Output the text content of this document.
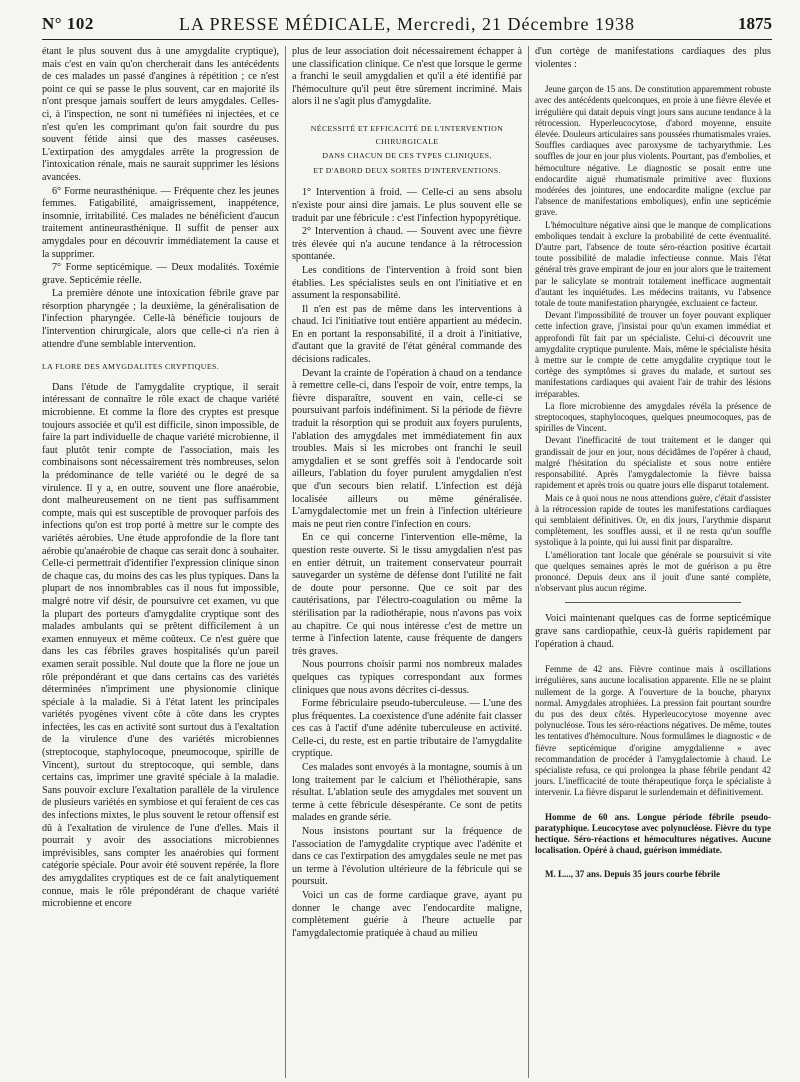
N° 102	LA PRESSE MÉDICALE, Mercredi, 21 Décembre 1938	1875

étant le plus souvent dus à une amygdalite cryptique), mais c'est en vain qu'on chercherait dans les antécédents de ces malades un passé d'angines à répétition ; ce n'est point ce qui se passe le plus souvent, car en majorité ils n'ont presque jamais souffert de leurs amygdales. Celles-ci, à l'inspection, ne sont ni tuméfiées ni injectées, et ce n'est qu'en les comprimant qu'on fait sourdre du pus souvent fétide ainsi que des masses caséeuses. L'extirpation des amygdales arrête la progression de l'intoxication rénale, mais ne saurait supprimer les lésions avancées.

6° Forme neurasthénique. — Fréquente chez les jeunes femmes. Fatigabilité, amaigrissement, inappétence, insomnie, irritabilité. Ces malades ne bénéficient d'aucun traitement antineurasthénique. Il suffit de penser aux amygdales pour en découvrir immédiatement la cause et la supprimer.

7° Forme septicémique. — Deux modalités. Toxémie grave. Septicémie réelle.

La première dénote une intoxication fébrile grave par résorption pharyngée ; la deuxième, la généralisation de l'infection pharyngée. Celle-là bénéficie toujours de l'intervention chirurgicale, alors que celle-ci n'a rien à attendre d'une semblable intervention.

LA FLORE DES AMYGDALITES CRYPTIQUES.

Dans l'étude de l'amygdalite cryptique, il serait intéressant de connaître le rôle exact de chaque variété microbienne. Et comme la flore des cryptes est presque toujours associée et qu'il est difficile, sinon impossible, de faire la part individuelle de chaque variété microbienne, il faut plutôt tenir compte de l'association, mais les combinaisons sont nécessairement très nombreuses, selon la prédominance de telle variété ou le degré de sa virulence. Il y a, en outre, souvent une flore anaérobie, dont malheureusement on ne tient pas suffisamment compte, mais qui est susceptible de provoquer parfois des infections qu'on est trop porté à mettre sur le compte des variétés aérobies. Une étude approfondie de la flore tant aérobie qu'anaérobie de chaque cas serait donc à souhaiter. Celle-ci permettrait d'identifier l'expression clinique sinon de chaque cas, du moins des cas les plus typiques. Dans la plupart de nos innombrables cas il nous fut impossible, malgré notre vif désir, de poursuivre cet examen, vu que la plupart des porteurs d'amygdalite cryptique sont des malades ambulants qui se prêtent difficilement à un examen ennuyeux et même coûteux. Ce n'est guère que dans les cas fébriles graves hospitalisés qu'un pareil examen serait possible. Nul doute que la flore ne joue un rôle prépondérant et que dans certains cas des variétés déterminées n'impriment une physionomie clinique spéciale à la maladie. Si à l'état latent les principales variétés pyogènes vivent côte à côte dans les cryptes infectées, les cas en activité sont surtout dus à l'exaltation de la virulence d'une des variétés microbiennes (streptocoque, staphylocoque, pneumocoque, spirille de Vincent), surtout du streptocoque, qui semble, dans certains cas, imprimer une gravité spéciale à la maladie. Sans pouvoir exclure l'exaltation parallèle de la virulence de plusieurs variétés en symbiose et qui feraient de ces cas des infections mixtes, le plus souvent le retour offensif est dû à l'exaltation de virulence de l'une d'elles. Mais il pourrait y avoir des associations microbiennes imprévisibles, sans compter les anaérobies qui forment catégorie spéciale. Pour avoir été souvent repérée, la flore des amygdalites cryptiques est de ce fait analytiquement connue, mais le rôle prépondérant de chaque variété microbienne et encore

plus de leur association doit nécessairement échapper à une classification clinique. Ce n'est que lorsque le germe a franchi le seuil amygdalien et qu'il a été identifié par l'hémoculture qu'il peut être sûrement incriminé. Mais alors il ne s'agit plus d'amygdalite.

NÉCESSITÉ ET EFFICACITÉ DE L'INTERVENTION CHIRURGICALE
DANS CHACUN DE CES TYPES CLINIQUES,
ET D'ABORD DEUX SORTES D'INTERVENTIONS.

1° Intervention à froid. — Celle-ci au sens absolu n'existe pour ainsi dire jamais. Le plus souvent elle se traduit par une fébricule : c'est l'infection hypopyrétique.

2° Intervention à chaud. — Souvent avec une fièvre très élevée qui n'a aucune tendance à la rétrocession spontanée.

Les conditions de l'intervention à froid sont bien établies. Les spécialistes seuls en ont l'initiative et en assument la responsabilité.

Il n'en est pas de même dans les interventions à chaud. Ici l'initiative tout entière appartient au médecin. En en portant la responsabilité, il a droit à l'initiative, d'autant que la gravité de l'état général commande des décisions radicales.

Devant la crainte de l'opération à chaud on a tendance à remettre celle-ci, dans l'espoir de voir, entre temps, la fièvre disparaître, souvent en vain, celle-ci se poursuivant parfois indéfiniment. Si la période de fièvre traduit la résorption qui se produit aux foyers purulents, l'ablation des amygdales met immédiatement fin aux troubles. Mais si les microbes ont franchi le seuil amygdalien et se sont greffés soit à l'endocarde soit ailleurs, l'ablation du foyer purulent amygdalien n'est que d'un secours bien relatif. L'infection est déjà localisée ailleurs ou même généralisée. L'amygdalectomie met un frein à l'infection ultérieure mais ne peut rien contre l'infection en cours.

En ce qui concerne l'intervention elle-même, la question reste ouverte. Si le tissu amygdalien n'est pas en entier détruit, un traitement conservateur pourrait sauvegarder un système de défense dont l'utilité ne fait de doute pour personne. Que ce soit par des cautérisations, par l'électro-coagulation ou même la stérilisation par la radiothérapie, nous n'avons pas voix au chapitre. Ce qui nous intéresse c'est de mettre un terme à l'infection latente, cause fréquente de dangers très graves.

Nous pourrons choisir parmi nos nombreux malades quelques cas typiques correspondant aux formes cliniques que nous avons décrites ci-dessus.

Forme fébriculaire pseudo-tuberculeuse. — L'une des plus fréquentes. La coexistence d'une adénite fait classer ces cas à l'actif d'une adénite tuberculeuse en activité. Celle-ci, du reste, est en partie tributaire de l'amygdalite cryptique.

Ces malades sont envoyés à la montagne, soumis à un long traitement par le calcium et l'héliothérapie, sans résultat. L'ablation seule des amygdales met souvent un terme à cette fébricule désespérante. Ce sont de petits malades en grande série.

Nous insistons pourtant sur la fréquence de l'association de l'amygdalite cryptique avec l'adénite et dans ce cas l'extirpation des amygdales seule ne met pas un terme à l'évolution ultérieure de la fébricule qui se poursuit.

Voici un cas de forme cardiaque grave, ayant pu donner le change avec l'endocardite maligne, complètement guérie à l'heure actuelle par l'amygdalectomie pratiquée à chaud au milieu

d'un cortège de manifestations cardiaques des plus violentes :

Jeune garçon de 15 ans. De constitution apparemment robuste avec des antécédents quelconques, en proie à une fièvre élevée et irrégulière qui datait depuis vingt jours sans aucune tendance à la rétrocession. Hyperleucocytose, d'abord moyenne, ensuite élevée. Douleurs articulaires sans poussées rhumatismales vraies. Souffles cardiaques avec paroxysme de tachyarythmie. Les souffles de jour en jour plus violents. Pourtant, pas d'embolies, et hémoculture négative. Le diagnostic se posait entre une endocardite aiguë rhumatismale primitive avec fluxions modérées des jointures, une endocardite maligne (exclue par l'absence de manifestations emboliques), enfin une septicémie grave.

L'hémoculture négative ainsi que le manque de complications emboliques tendait à exclure la probabilité de cette éventualité. D'autre part, l'absence de toute séro-réaction positive écartait toute possibilité de maladie infectieuse connue. Mais l'état général très grave empirant de jour en jour alors que le traitement par le salicylate se montrait totalement inefficace augmentait d'autant les inquiétudes. Les médecins traitants, vu l'absence totale de toute manifestation pharyngée, excluaient ce facteur.

Devant l'impossibilité de trouver un foyer pouvant expliquer cette infection grave, j'insistai pour qu'un examen immédiat et approfondi fût fait par un spécialiste. Celui-ci découvrit une amygdalite cryptique purulente. Mais, même le spécialiste hésita à mettre sur le compte de cette amygdalite cryptique tout le cortège des symptômes si graves du malade, et surtout ses manifestations cardiaques qui avaient l'air de trahir des lésions irréparables.

La flore microbienne des amygdales révéla la présence de streptocoques, staphylocoques, quelques pneumocoques, pas de spirilles de Vincent.

Devant l'inefficacité de tout traitement et le danger qui grandissait de jour en jour, nous décidâmes de l'opérer à chaud, malgré l'hésitation du spécialiste et sous notre entière responsabilité. Après l'amygdalectomie la fièvre baissa rapidement et après trois ou quatre jours elle disparut totalement.

Mais ce à quoi nous ne nous attendions guère, c'était d'assister à la rétrocession rapide de toutes les manifestations cardiaques qui semblaient définitives. Or, en dix jours, l'arythmie disparut complètement, les souffles aussi, et il ne resta qu'un souffle systolique à la pointe, qui lui aussi finit par disparaître.

L'amélioration tant locale que générale se poursuivit si vite que quelques semaines après le mot de guérison a pu être prononcé. Depuis deux ans il jouit d'une santé complète, n'observant plus aucun régime.

Voici maintenant quelques cas de forme septicémique grave sans cardiopathie, ceux-là guéris rapidement par l'opération à chaud.

Femme de 42 ans. Fièvre continue mais à oscillations irrégulières, sans aucune localisation apparente. Elle ne se plaint nullement de la gorge. A l'ouverture de la bouche, pharynx normal. Amygdales atrophiées. La pression fait pourtant sourdre du pus des deux côtés. Hyperleucocytose moyenne avec polynucléose. Tous les séro-réactions négatives. De même, toutes les tentatives d'hémoculture. Nous formulâmes le diagnostic « de fièvre septicémique d'origine amygdalienne » avec recommandation de procéder à l'amygdalectomie à chaud. Le spécialiste refusa, ce qui prolongea la phase fébrile pendant 42 jours. L'inefficacité de toute thérapeutique força le spécialiste à intervenir. La fièvre disparut le surlendemain et définitivement.

Homme de 60 ans. Longue période fébrile pseudo-paratyphique. Leucocytose avec polynucléose. Fièvre du type hectique. Séro-réactions et hémocultures négatives. Aucune localisation. Opéré à chaud, guérison immédiate.

M. L..., 37 ans. Depuis 35 jours courbe fébrile
